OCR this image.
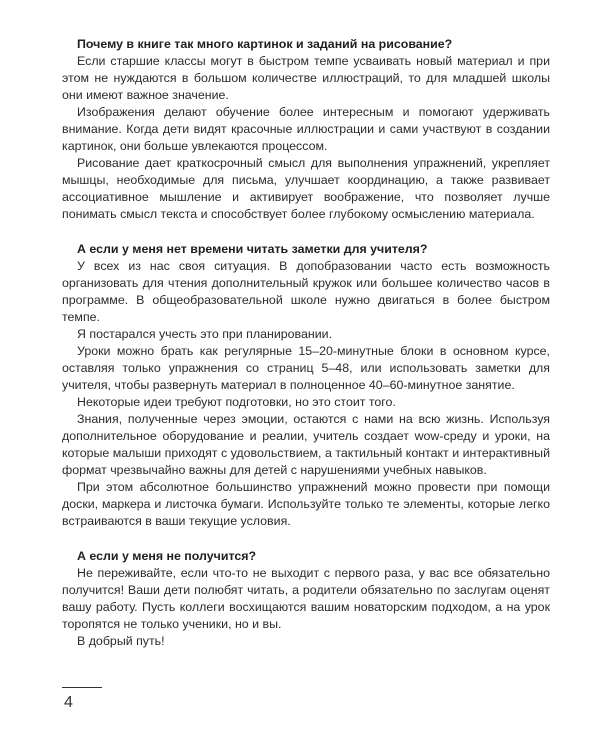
Почему в книге так много картинок и заданий на рисование?

Если старшие классы могут в быстром темпе усваивать новый материал и при этом не нуждаются в большом количестве иллюстраций, то для младшей школы они имеют важное значение.

Изображения делают обучение более интересным и помогают удерживать внимание. Когда дети видят красочные иллюстрации и сами участвуют в создании картинок, они больше увлекаются процессом.

Рисование дает краткосрочный смысл для выполнения упражнений, укрепляет мышцы, необходимые для письма, улучшает координацию, а также развивает ассоциативное мышление и активирует воображение, что позволяет лучше понимать смысл текста и способствует более глубокому осмыслению материала.

А если у меня нет времени читать заметки для учителя?

У всех из нас своя ситуация. В допобразовании часто есть возможность организовать для чтения дополнительный кружок или большее количество часов в программе. В общеобразовательной школе нужно двигаться в более быстром темпе.

Я постарался учесть это при планировании.

Уроки можно брать как регулярные 15–20-минутные блоки в основном курсе, оставляя только упражнения со страниц 5–48, или использовать заметки для учителя, чтобы развернуть материал в полноценное 40–60-минутное занятие.

Некоторые идеи требуют подготовки, но это стоит того.

Знания, полученные через эмоции, остаются с нами на всю жизнь. Используя дополнительное оборудование и реалии, учитель создает wow-среду и уроки, на которые малыши приходят с удовольствием, а тактильный контакт и интерактивный формат чрезвычайно важны для детей с нарушениями учебных навыков.

При этом абсолютное большинство упражнений можно провести при помощи доски, маркера и листочка бумаги. Используйте только те элементы, которые легко встраиваются в ваши текущие условия.

А если у меня не получится?

Не переживайте, если что-то не выходит с первого раза, у вас все обязательно получится! Ваши дети полюбят читать, а родители обязательно по заслугам оценят вашу работу. Пусть коллеги восхищаются вашим новаторским подходом, а на урок торопятся не только ученики, но и вы.

В добрый путь!

4
